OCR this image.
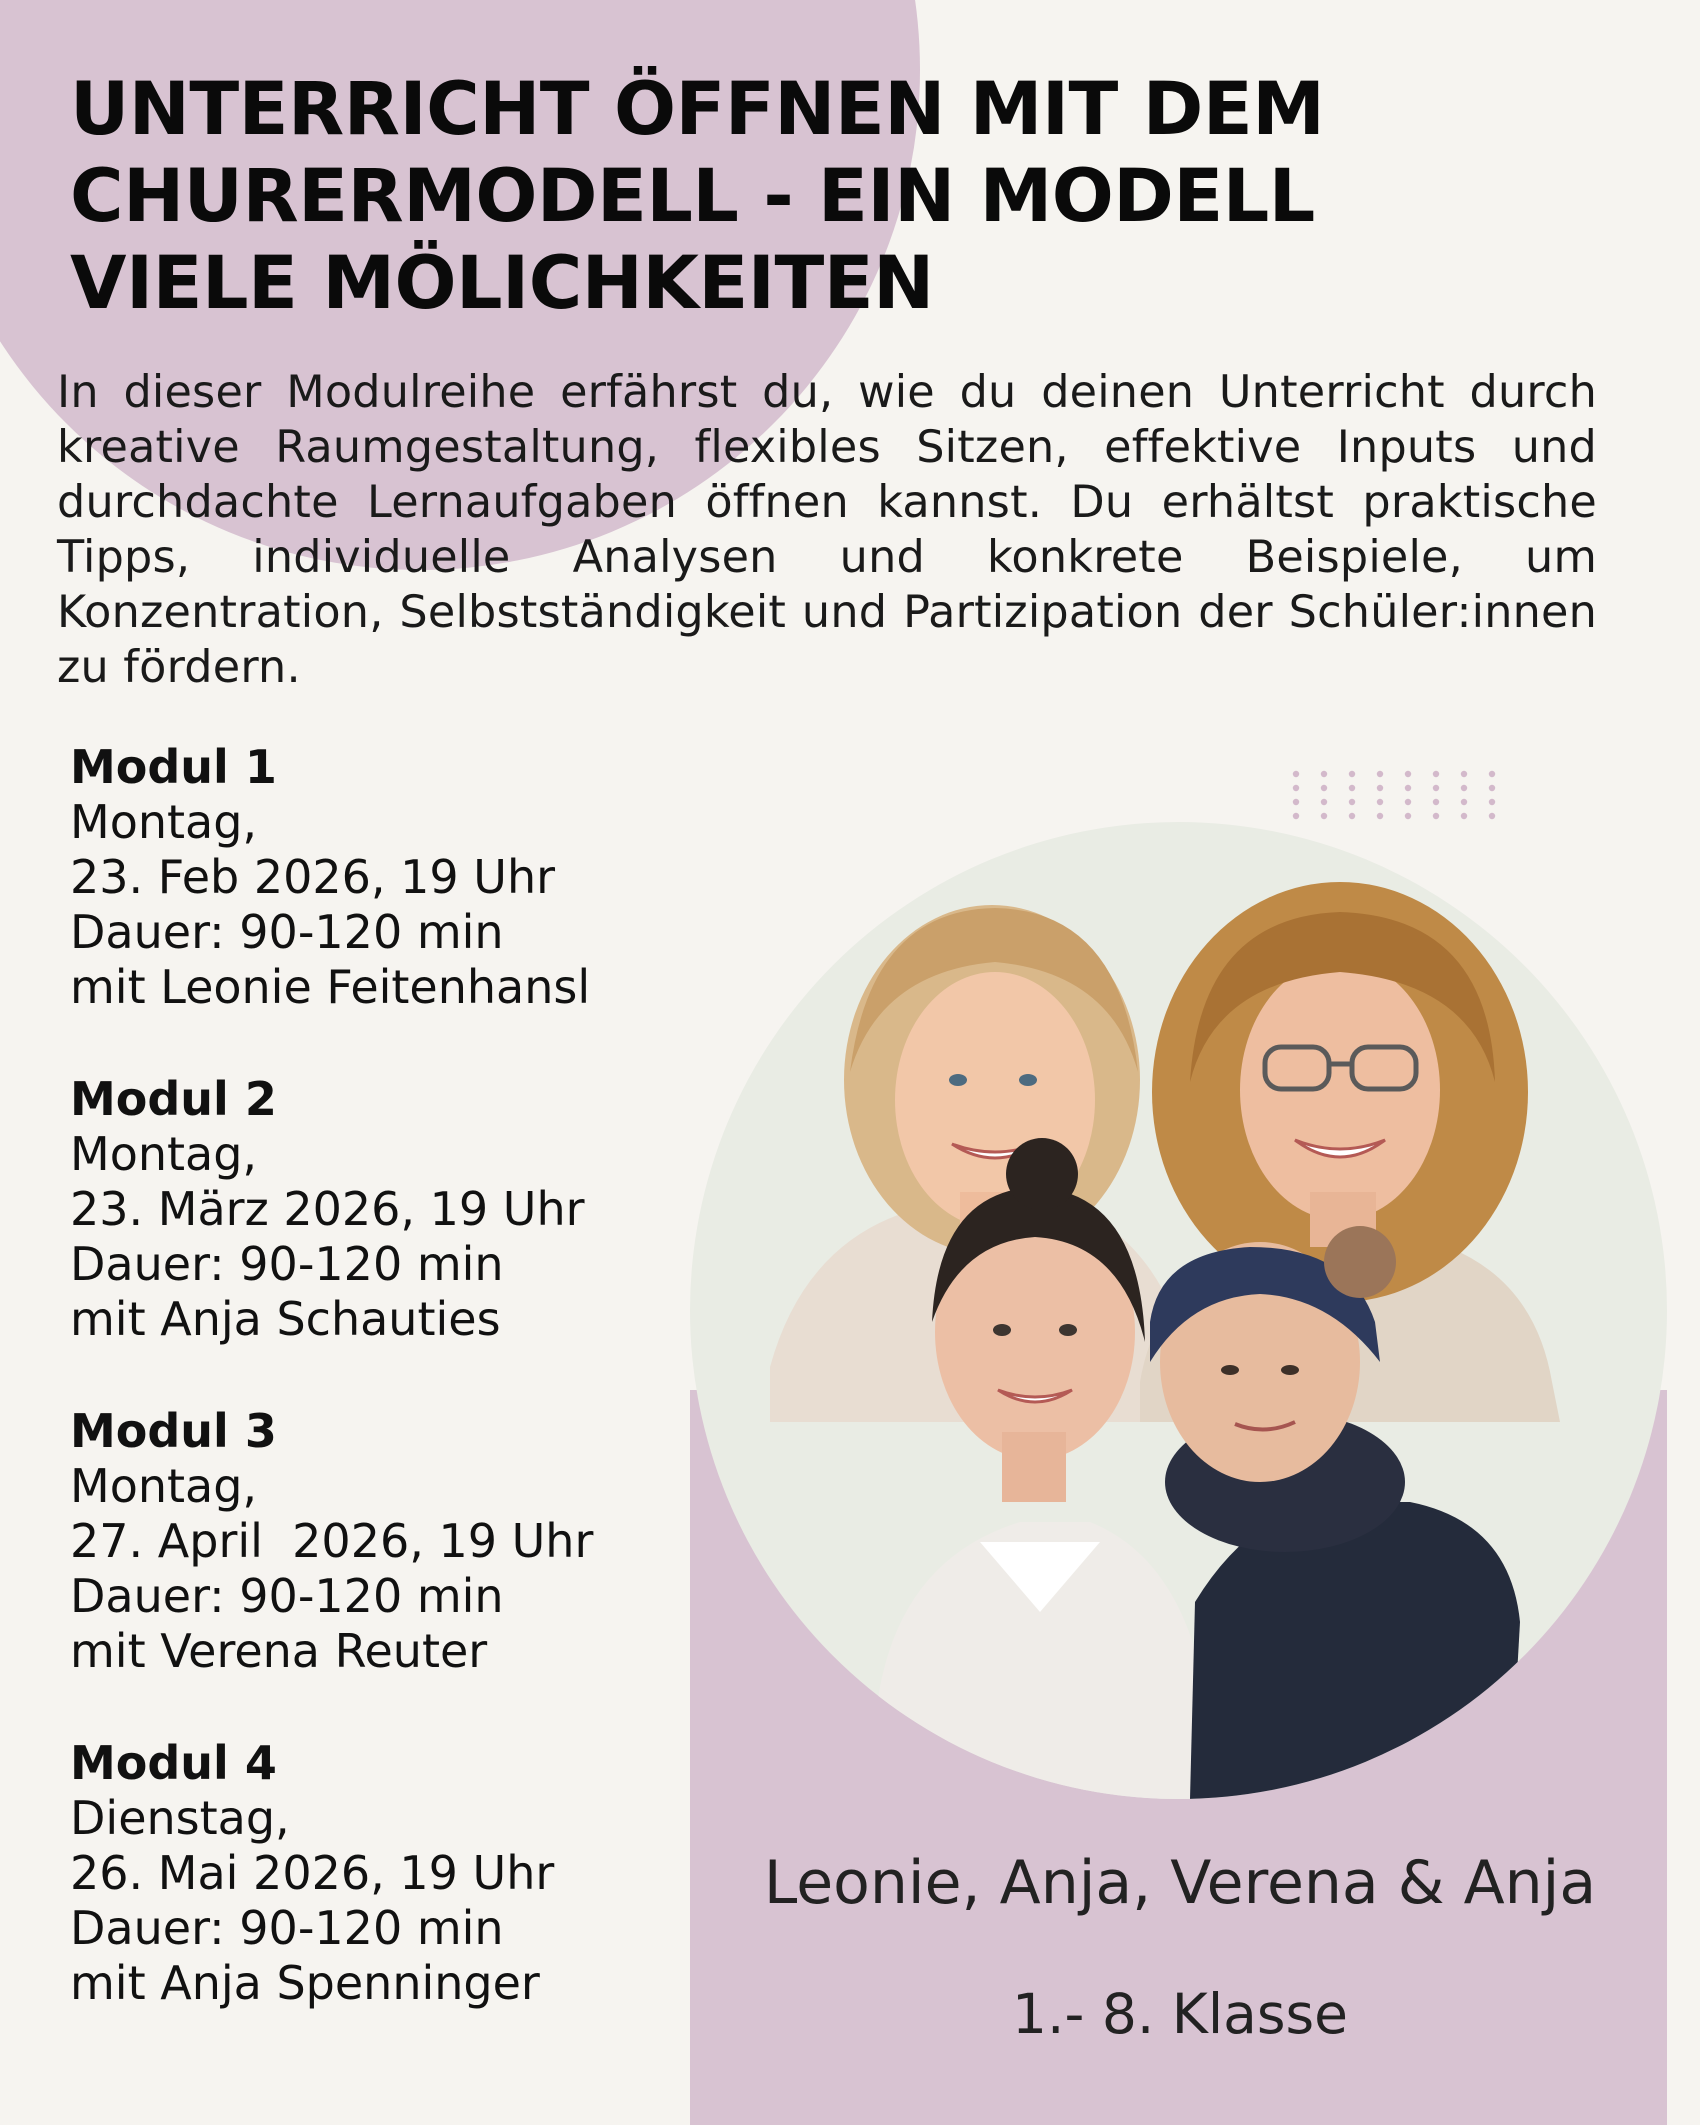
UNTERRICHT ÖFFNEN MIT DEM
CHURERMODELL - EIN MODELL
VIELE MÖLICHKEITEN

In dieser Modulreihe erfährst du, wie du deinen Unterricht durch kreative Raumgestaltung, flexibles Sitzen, effektive Inputs und durchdachte Lernaufgaben öffnen kannst. Du erhältst praktische Tipps, individuelle Analysen und konkrete Beispiele, um Konzentration, Selbstständigkeit und Partizipation der Schüler:innen zu fördern.

Modul 1
Montag,
23. Feb 2026, 19 Uhr
Dauer: 90-120 min
mit Leonie Feitenhansl
Modul 2
Montag,
23. März 2026, 19 Uhr
Dauer: 90-120 min
mit Anja Schauties
Modul 3
Montag,
27. April  2026, 19 Uhr
Dauer: 90-120 min
mit Verena Reuter
Modul 4
Dienstag,
26. Mai 2026, 19 Uhr
Dauer: 90-120 min
mit Anja Spenninger
Leonie, Anja, Verena & Anja
1.- 8. Klasse
